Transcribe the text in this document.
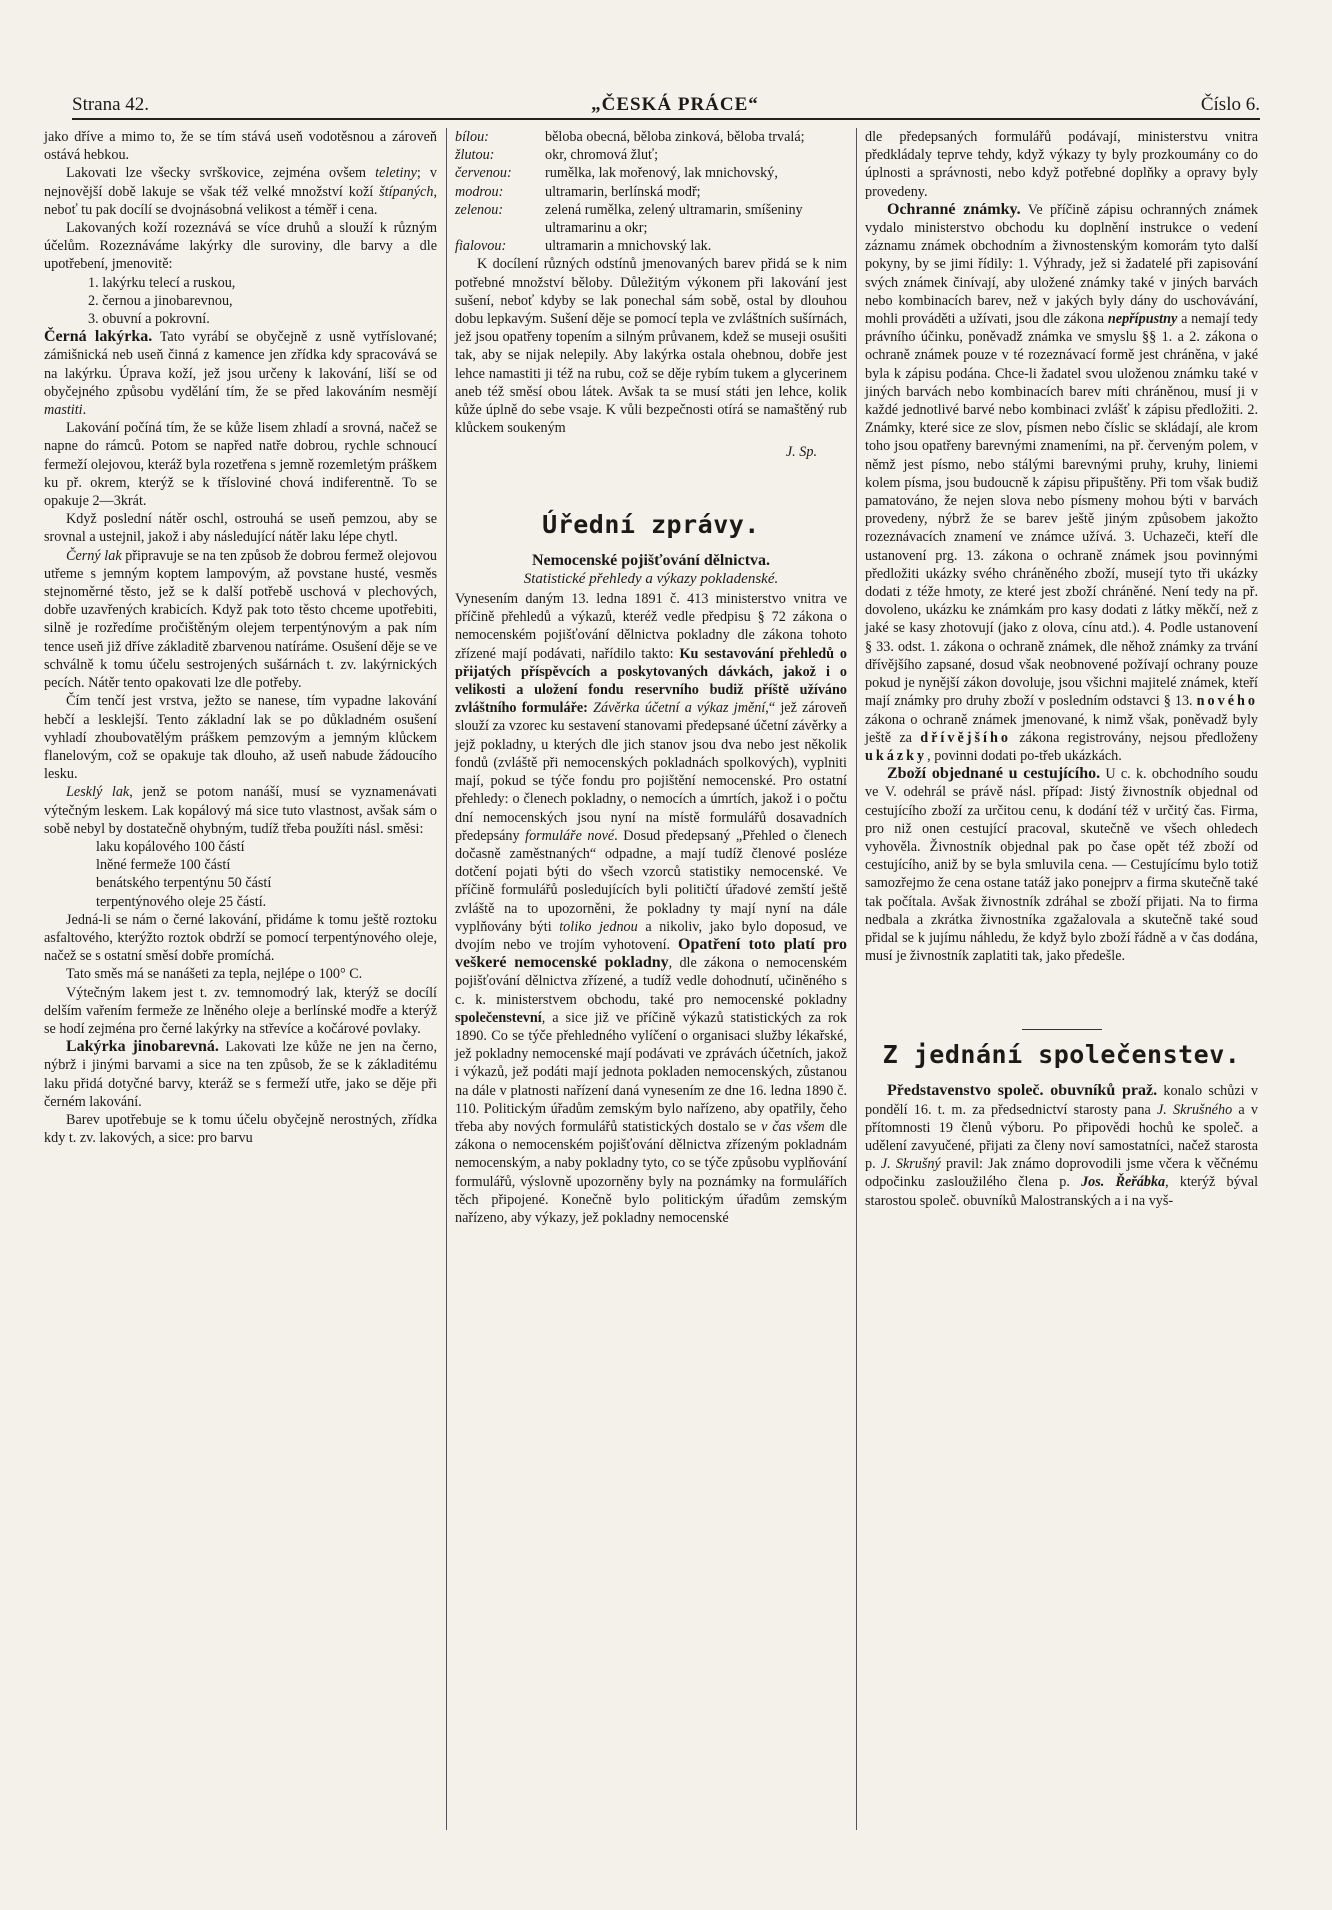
Strana 42.	„ČESKÁ PRÁCE“	Číslo 6.

jako dříve a mimo to, že se tím stává useň vodotěsnou a zároveň ostává hebkou.

Lakovati lze všecky svrškovice, zejména ovšem teletiny; v nejnovější době lakuje se však též velké množství koží štípaných, neboť tu pak docílí se dvojnásobná velikost a téměř i cena.

Lakovaných koží rozeznává se více druhů a slouží k různým účelům. Rozeznáváme lakýrky dle suroviny, dle barvy a dle upotřebení, jmenovitě:

1. lakýrku telecí a ruskou,
2. černou a jinobarevnou,
3. obuvní a pokrovní.

Černá lakýrka. Tato vyrábí se obyčejně z usně vytříslované; zámišnická neb useň činná z kamence jen zřídka kdy spracovává se na lakýrku. Úprava koží, jež jsou určeny k lakování, liší se od obyčejného způsobu vydělání tím, že se před lakováním nesmějí mastiti.

Lakování počíná tím, že se kůže lisem zhladí a srovná, načež se napne do rámců. Potom se napřed natře dobrou, rychle schnoucí fermeží olejovou, kteráž byla rozetřena s jemně rozemletým práškem ku př. okrem, kterýž se k třísloviné chová indiferentně. To se opakuje 2—3krát.

Když poslední nátěr oschl, ostrouhá se useň pemzou, aby se srovnal a ustejnil, jakož i aby následující nátěr laku lépe chytl.

Černý lak připravuje se na ten způsob že dobrou fermež olejovou utřeme s jemným koptem lampovým, až povstane husté, vesměs stejnoměrné těsto, jež se k další potřebě uschová v plechových, dobře uzavřených krabicích. Když pak toto těsto chceme upotřebiti, silně je rozředíme pročištěným olejem terpentýnovým a pak ním tence useň již dříve základitě zbarvenou natíráme. Osušení děje se ve schválně k tomu účelu sestrojených sušárnách t. zv. lakýrnických pecích. Nátěr tento opakovati lze dle potřeby.

Čím tenčí jest vrstva, ježto se nanese, tím vypadne lakování hebčí a lesklejší. Tento základní lak se po důkladném osušení vyhladí zhoubovatělým práškem pemzovým a jemným klůckem flanelovým, což se opakuje tak dlouho, až useň nabude žádoucího lesku.

Lesklý lak, jenž se potom nanáší, musí se vyznamenávati výtečným leskem. Lak kopálový má sice tuto vlastnost, avšak sám o sobě nebyl by dostatečně ohybným, tudíž třeba použíti násl. směsi:

laku kopálového 100 částí
lněné fermeže 100 částí
benátského terpentýnu 50 částí
terpentýnového oleje 25 částí.

Jedná-li se nám o černé lakování, přidáme k tomu ještě roztoku asfaltového, kterýžto roztok obdrží se pomocí terpentýnového oleje, načež se s ostatní směsí dobře promíchá.

Tato směs má se nanášeti za tepla, nejlépe o 100° C.

Výtečným lakem jest t. zv. temnomodrý lak, kterýž se docílí delším vařením fermeže ze lněného oleje a berlínské modře a kterýž se hodí zejména pro černé lakýrky na střevíce a kočárové povlaky.

Lakýrka jinobarevná. Lakovati lze kůže ne jen na černo, nýbrž i jinými barvami a sice na ten způsob, že se k základitému laku přidá dotyčné barvy, kteráž se s fermeží utře, jako se děje při černém lakování.

Barev upotřebuje se k tomu účelu obyčejně nerostných, zřídka kdy t. zv. lakových, a sice: pro barvu

bílou:	běloba obecná, běloba zinková, běloba trvalá;
žlutou:	okr, chromová žluť;
červenou:	rumělka, lak mořenový, lak mnichovský,
modrou:	ultramarin, berlínská modř;
zelenou:	zelená rumělka, zelený ultramarin, smíšeniny ultramarinu a okr;
fialovou:	ultramarin a mnichovský lak.

K docílení různých odstínů jmenovaných barev přidá se k nim potřebné množství běloby. Důležitým výkonem při lakování jest sušení, neboť kdyby se lak ponechal sám sobě, ostal by dlouhou dobu lepkavým. Sušení děje se pomocí tepla ve zvláštních sušírnách, jež jsou opatřeny topením a silným průvanem, kdež se museji osušiti tak, aby se nijak nelepily. Aby lakýrka ostala ohebnou, dobře jest lehce namastiti ji též na rubu, což se děje rybím tukem a glycerinem aneb též směsí obou látek. Avšak ta se musí státi jen lehce, kolik kůže úplně do sebe vsaje. K vůli bezpečnosti otírá se namaštěný rub klůckem soukeným

J. Sp.
Úřední zprávy.
Nemocenské pojišťování dělnictva.
Statistické přehledy a výkazy pokladenské.

Vynesením daným 13. ledna 1891 č. 413 ministerstvo vnitra ve příčině přehledů a výkazů, kteréž vedle předpisu § 72 zákona o nemocenském pojišťování dělnictva pokladny dle zákona tohoto zřízené mají podávati, nařídilo takto: Ku sestavování přehledů o přijatých příspěvcích a poskytovaných dávkách, jakož i o velikosti a uložení fondu reservního budiž příště užíváno zvláštního formuláře: Závěrka účetní a výkaz jmění,“ jež zároveň slouží za vzorec ku sestavení stanovami předepsané účetní závěrky a jejž pokladny, u kterých dle jich stanov jsou dva nebo jest několik fondů (zvláště při nemocenských pokladnách spolkových), vyplniti mají, pokud se týče fondu pro pojištění nemocenské. Pro ostatní přehledy: o členech pokladny, o nemocích a úmrtích, jakož i o počtu dní nemocenských jsou nyní na místě formulářů dosavadních předepsány formuláře nové. Dosud předepsaný „Přehled o členech dočasně zaměstnaných“ odpadne, a mají tudíž členové posléze dotčení pojati býti do všech vzorců statistiky nemocenské. Ve příčině formulářů posledujících byli političtí úřadové zemští ještě zvláště na to upozorněni, že pokladny ty mají nyní na dále vyplňovány býti toliko jednou a nikoliv, jako bylo doposud, ve dvojím nebo ve trojím vyhotovení. Opatření toto platí pro veškeré nemocenské pokladny, dle zákona o nemocenském pojišťování dělnictva zřízené, a tudíž vedle dohodnutí, učiněného s c. k. ministerstvem obchodu, také pro nemocenské pokladny společenstevní, a sice již ve příčině výkazů statistických za rok 1890. Co se týče přehledného vylíčení o organisaci služby lékařské, jež pokladny nemocenské mají podávati ve zprávách účetních, jakož i výkazů, jež podáti mají jednota pokladen nemocenských, zůstanou na dále v platnosti nařízení daná vynesením ze dne 16. ledna 1890 č. 110. Politickým úřadům zemským bylo nařízeno, aby opatřily, čeho třeba aby nových formulářů statistických dostalo se v čas všem dle zákona o nemocenském pojišťování dělnictva zřízeným pokladnám nemocenským, a naby pokladny tyto, co se týče způsobu vyplňování formulářů, výslovně upozorněny byly na poznámky na formulářích těch připojené. Konečně bylo politickým úřadům zemským nařízeno, aby výkazy, jež pokladny nemocenské

dle předepsaných formulářů podávají, ministerstvu vnitra předkládaly teprve tehdy, když výkazy ty byly prozkoumány co do úplnosti a správnosti, nebo když potřebné doplňky a opravy byly provedeny.

Ochranné známky. Ve příčině zápisu ochranných známek vydalo ministerstvo obchodu ku doplnění instrukce o vedení záznamu známek obchodním a živnostenským komorám tyto další pokyny, by se jimi řídily: 1. Výhrady, jež si žadatelé při zapisování svých známek činívají, aby uložené známky také v jiných barvách nebo kombinacích barev, než v jakých byly dány do uschovávání, mohli prováděti a užívati, jsou dle zákona nepřípustny a nemají tedy právního účinku, poněvadž známka ve smyslu §§ 1. a 2. zákona o ochraně známek pouze v té rozeznávací formě jest chráněna, v jaké byla k zápisu podána. Chce-li žadatel svou uloženou známku také v jiných barvách nebo kombinacích barev míti chráněnou, musí ji v každé jednotlivé barvé nebo kombinaci zvlášť k zápisu předložiti. 2. Známky, které sice ze slov, písmen nebo číslic se skládají, ale krom toho jsou opatřeny barevnými znameními, na př. červeným polem, v němž jest písmo, nebo stálými barevnými pruhy, kruhy, liniemi kolem písma, jsou budoucně k zápisu připuštěny. Při tom však budiž pamatováno, že nejen slova nebo písmeny mohou býti v barvách provedeny, nýbrž že se barev ještě jiným způsobem jakožto rozeznávacích znamení ve známce užívá. 3. Uchazeči, kteří dle ustanovení prg. 13. zákona o ochraně známek jsou povinnými předložiti ukázky svého chráněného zboží, musejí tyto tři ukázky dodati z téže hmoty, ze které jest zboží chráněné. Není tedy na př. dovoleno, ukázku ke známkám pro kasy dodati z látky měkčí, než z jaké se kasy zhotovují (jako z olova, cínu atd.). 4. Podle ustanovení § 33. odst. 1. zákona o ochraně známek, dle něhož známky za trvání dřívějšího zapsané, dosud však neobnovené požívají ochrany pouze pokud je nynější zákon dovoluje, jsou všichni majitelé známek, kteří mají známky pro druhy zboží v posledním odstavci § 13. nového zákona o ochraně známek jmenované, k nimž však, poněvadž byly ještě za dřívějšího zákona registrovány, nejsou předloženy ukázky, povinni dodati po-třeb ukázkách.

Zboží objednané u cestujícího. U c. k. obchodního soudu ve V. odehrál se právě násl. případ: Jistý živnostník objednal od cestujícího zboží za určitou cenu, k dodání též v určitý čas. Firma, pro niž onen cestující pracoval, skutečně ve všech ohledech vyhověla. Živnostník objednal pak po čase opět též zboží od cestujícího, aniž by se byla smluvila cena. — Cestujícímu bylo totiž samozřejmo že cena ostane tatáž jako ponejprv a firma skutečně také tak počítala. Avšak živnostník zdráhal se zboží přijati. Na to firma nedbala a zkrátka živnostníka zgažalovala a skutečně také soud přidal se k jujímu náhledu, že když bylo zboží řádně a v čas dodána, musí je živnostník zaplatiti tak, jako předešle.

Z jednání společenstev.

Představenstvo společ. obuvníků praž. konalo schůzi v pondělí 16. t. m. za předsednictví starosty pana J. Skrušného a v přítomnosti 19 členů výboru. Po připovědi hochů ke společ. a udělení zavyučené, přijati za členy noví samostatníci, načež starosta p. J. Skrušný pravil: Jak známo doprovodili jsme včera k věčnému odpočinku zasloužilého člena p. Jos. Řeřábka, kterýž býval starostou společ. obuvníků Malostranských a i na vyš-
